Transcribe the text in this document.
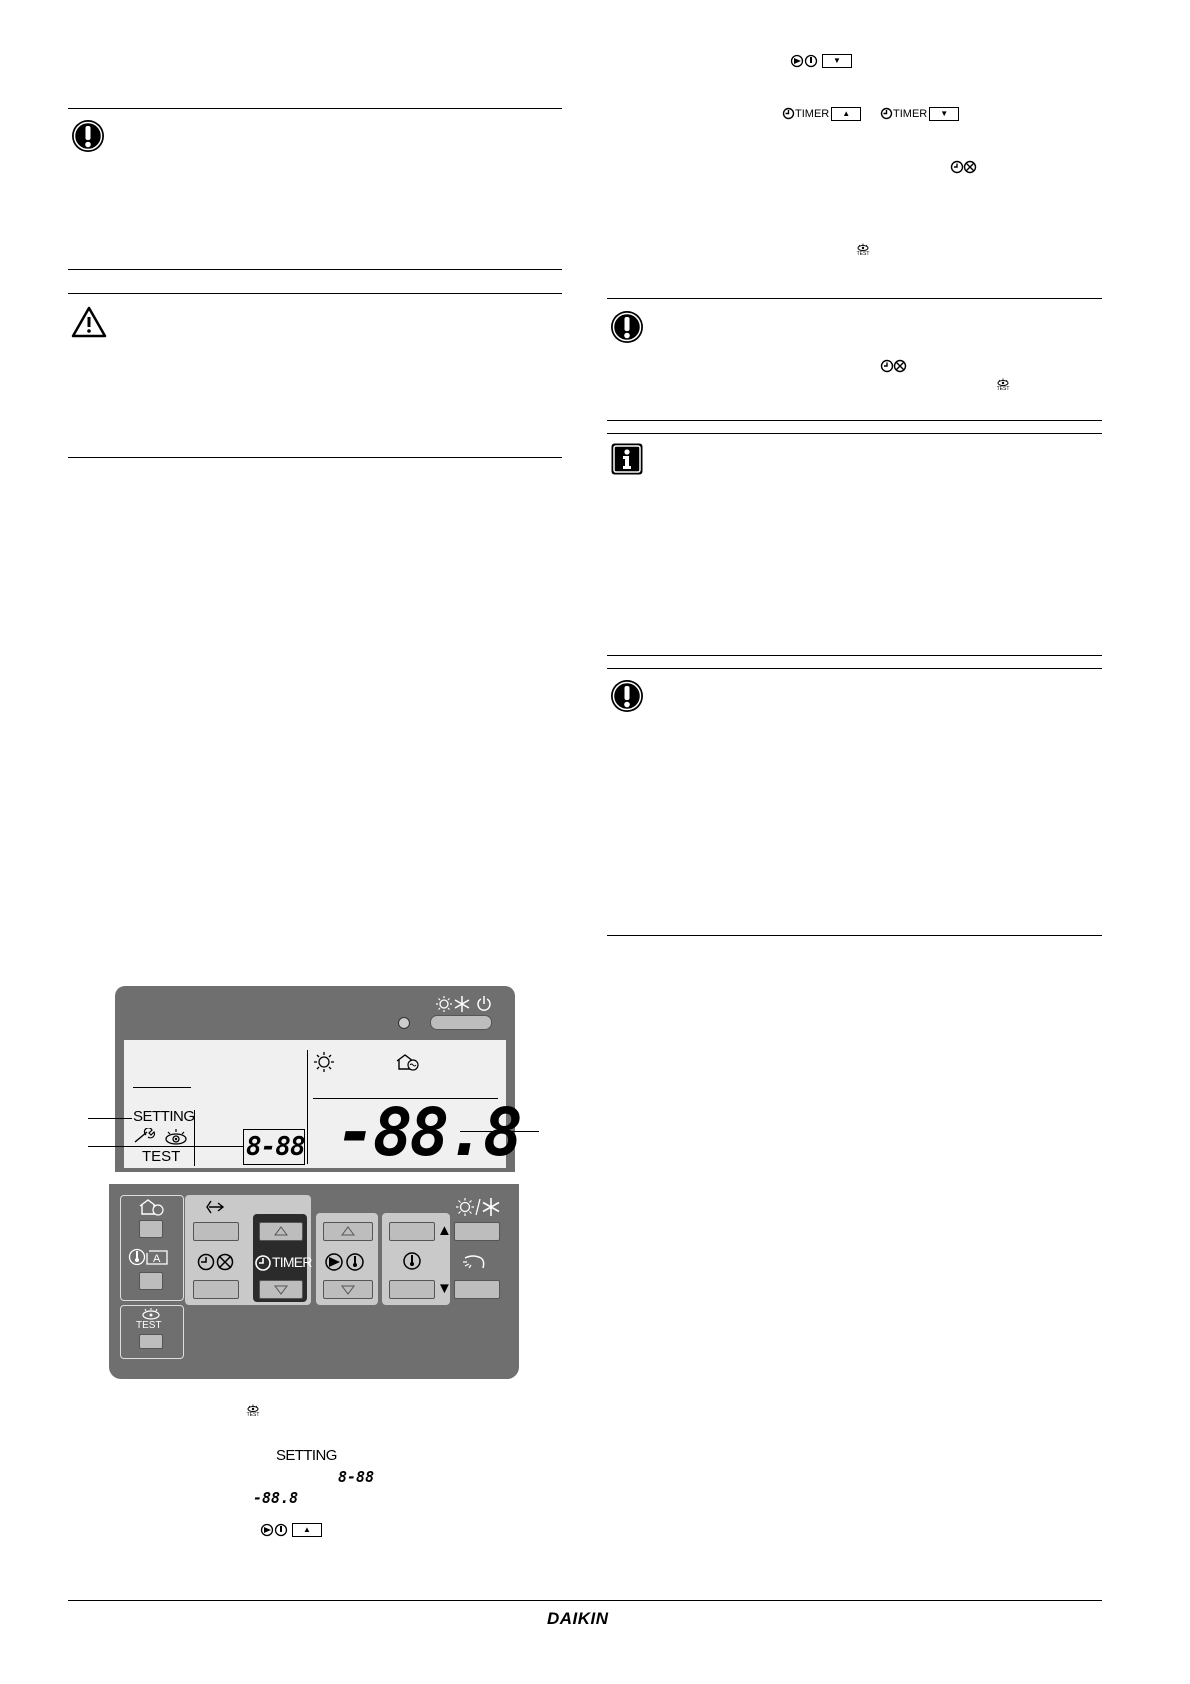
▼
TIMER ▲	TIMER ▼
TEST
TEST
SETTING
TEST	8-88 -88.8
A
TEST
TIMER
▲
▼
TEST
SETTING
8-88
-88.8
▲
DAIKIN
